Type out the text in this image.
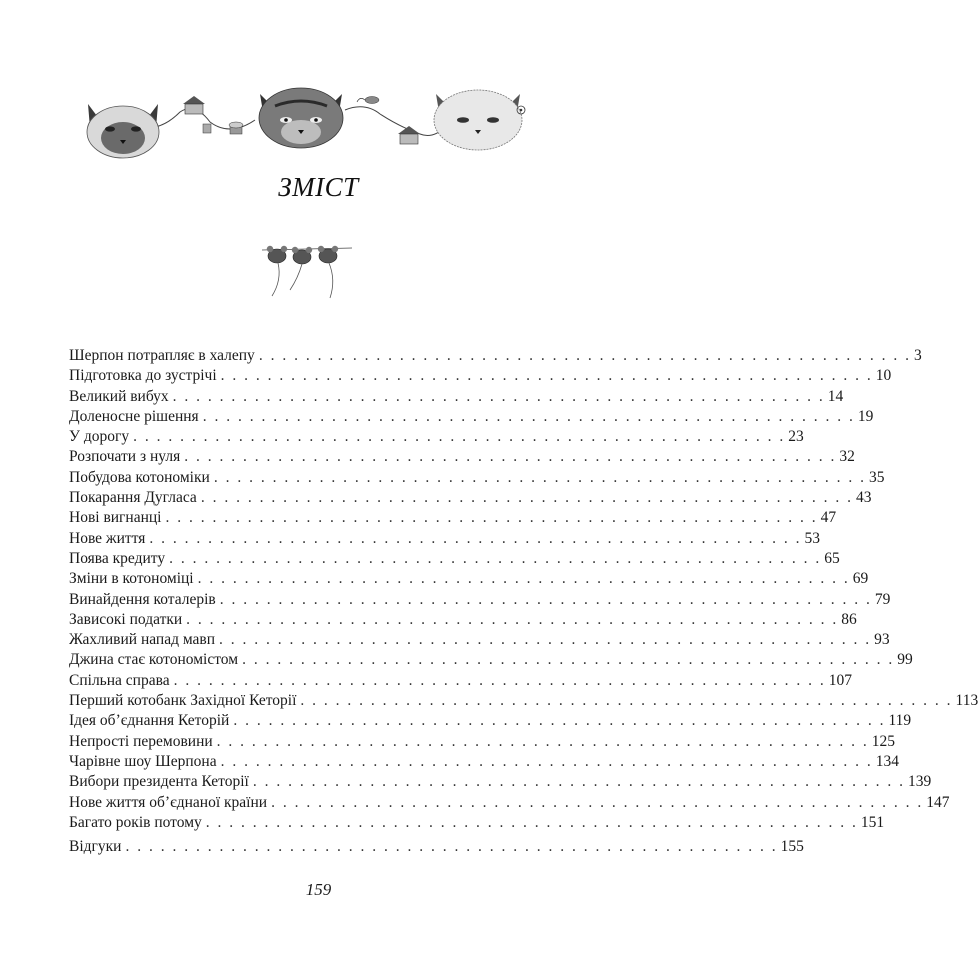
ЗМІСТ
Шерпон потрапляє в халепу . . . . . . . . . . . . . . . . . . . . . . . . . . . . . . . . . . . . . . . . . . . . . . . . . . . . . . . . 3
Підготовка до зустрічі . . . . . . . . . . . . . . . . . . . . . . . . . . . . . . . . . . . . . . . . . . . . . . . . . . . . . . . . 10
Великий вибух . . . . . . . . . . . . . . . . . . . . . . . . . . . . . . . . . . . . . . . . . . . . . . . . . . . . . . . . 14
Доленосне рішення . . . . . . . . . . . . . . . . . . . . . . . . . . . . . . . . . . . . . . . . . . . . . . . . . . . . . . . . 19
У дорогу . . . . . . . . . . . . . . . . . . . . . . . . . . . . . . . . . . . . . . . . . . . . . . . . . . . . . . . . 23
Розпочати з нуля . . . . . . . . . . . . . . . . . . . . . . . . . . . . . . . . . . . . . . . . . . . . . . . . . . . . . . . . 32
Побудова котономіки . . . . . . . . . . . . . . . . . . . . . . . . . . . . . . . . . . . . . . . . . . . . . . . . . . . . . . . . 35
Покарання Дугласа . . . . . . . . . . . . . . . . . . . . . . . . . . . . . . . . . . . . . . . . . . . . . . . . . . . . . . . . 43
Нові вигнанці . . . . . . . . . . . . . . . . . . . . . . . . . . . . . . . . . . . . . . . . . . . . . . . . . . . . . . . . 47
Нове життя . . . . . . . . . . . . . . . . . . . . . . . . . . . . . . . . . . . . . . . . . . . . . . . . . . . . . . . . 53
Поява кредиту . . . . . . . . . . . . . . . . . . . . . . . . . . . . . . . . . . . . . . . . . . . . . . . . . . . . . . . . 65
Зміни в котономіці . . . . . . . . . . . . . . . . . . . . . . . . . . . . . . . . . . . . . . . . . . . . . . . . . . . . . . . . 69
Винайдення коталерів . . . . . . . . . . . . . . . . . . . . . . . . . . . . . . . . . . . . . . . . . . . . . . . . . . . . . . . . 79
Зависокі податки . . . . . . . . . . . . . . . . . . . . . . . . . . . . . . . . . . . . . . . . . . . . . . . . . . . . . . . . 86
Жахливий напад мавп . . . . . . . . . . . . . . . . . . . . . . . . . . . . . . . . . . . . . . . . . . . . . . . . . . . . . . . . 93
Джина стає котономістом . . . . . . . . . . . . . . . . . . . . . . . . . . . . . . . . . . . . . . . . . . . . . . . . . . . . . . . . 99
Спільна справа . . . . . . . . . . . . . . . . . . . . . . . . . . . . . . . . . . . . . . . . . . . . . . . . . . . . . . . . 107
Перший котобанк Західної Кеторії . . . . . . . . . . . . . . . . . . . . . . . . . . . . . . . . . . . . . . . . . . . . . . . . . . . . . . . . 113
Ідея об’єднання Кеторій . . . . . . . . . . . . . . . . . . . . . . . . . . . . . . . . . . . . . . . . . . . . . . . . . . . . . . . . 119
Непрості перемовини . . . . . . . . . . . . . . . . . . . . . . . . . . . . . . . . . . . . . . . . . . . . . . . . . . . . . . . . 125
Чарівне шоу Шерпона . . . . . . . . . . . . . . . . . . . . . . . . . . . . . . . . . . . . . . . . . . . . . . . . . . . . . . . . 134
Вибори президента Кеторії . . . . . . . . . . . . . . . . . . . . . . . . . . . . . . . . . . . . . . . . . . . . . . . . . . . . . . . . 139
Нове життя об’єднаної країни . . . . . . . . . . . . . . . . . . . . . . . . . . . . . . . . . . . . . . . . . . . . . . . . . . . . . . . . 147
Багато років потому . . . . . . . . . . . . . . . . . . . . . . . . . . . . . . . . . . . . . . . . . . . . . . . . . . . . . . . . 151
Відгуки . . . . . . . . . . . . . . . . . . . . . . . . . . . . . . . . . . . . . . . . . . . . . . . . . . . . . . . . 155
159
